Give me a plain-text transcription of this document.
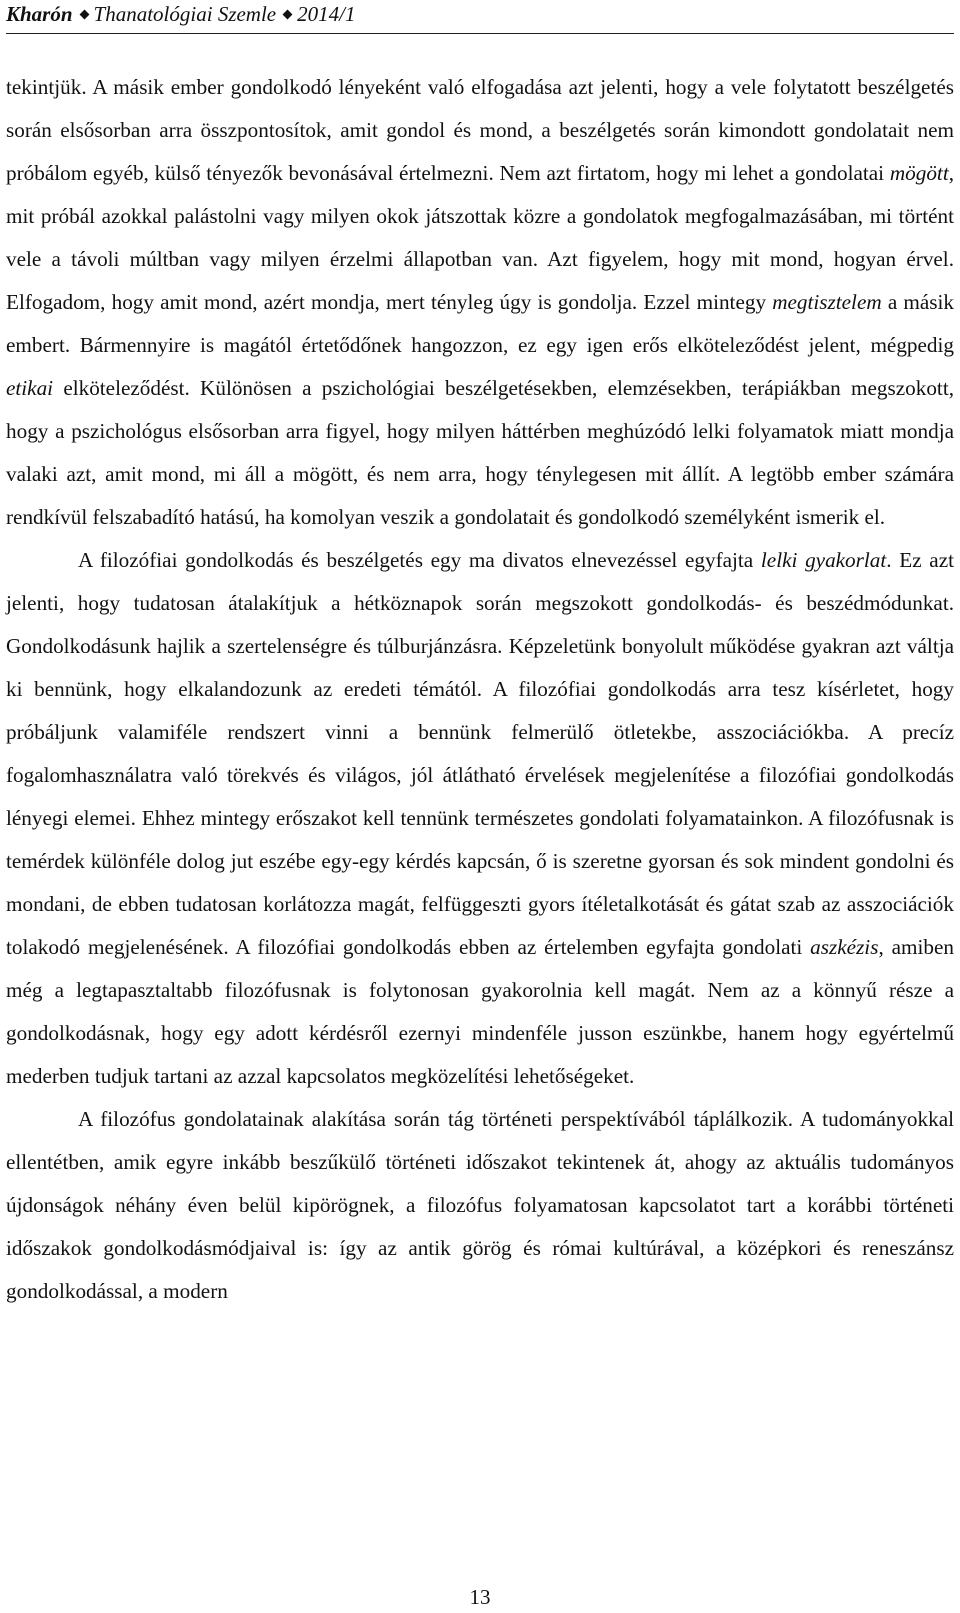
Kharón Thanatológiai Szemle 2014/1

tekintjük. A másik ember gondolkodó lényeként való elfogadása azt jelenti, hogy a vele folytatott beszélgetés során elsősorban arra összpontosítok, amit gondol és mond, a beszélgetés során kimondott gondolatait nem próbálom egyéb, külső tényezők bevonásával értelmezni. Nem azt firtatom, hogy mi lehet a gondolatai mögött, mit próbál azokkal palástolni vagy milyen okok játszottak közre a gondolatok megfogalmazásában, mi történt vele a távoli múltban vagy milyen érzelmi állapotban van. Azt figyelem, hogy mit mond, hogyan érvel. Elfogadom, hogy amit mond, azért mondja, mert tényleg úgy is gondolja. Ezzel mintegy megtisztelem a másik embert. Bármennyire is magától értetődőnek hangozzon, ez egy igen erős elköteleződést jelent, mégpedig etikai elköteleződést. Különösen a pszichológiai beszélgetésekben, elemzésekben, terápiákban megszokott, hogy a pszichológus elsősorban arra figyel, hogy milyen háttérben meghúzódó lelki folyamatok miatt mondja valaki azt, amit mond, mi áll a mögött, és nem arra, hogy ténylegesen mit állít. A legtöbb ember számára rendkívül felszabadító hatású, ha komolyan veszik a gondolatait és gondolkodó személyként ismerik el.

A filozófiai gondolkodás és beszélgetés egy ma divatos elnevezéssel egyfajta lelki gyakorlat. Ez azt jelenti, hogy tudatosan átalakítjuk a hétköznapok során megszokott gondolkodás- és beszédmódunkat. Gondolkodásunk hajlik a szertelenségre és túlburjánzásra. Képzeletünk bonyolult működése gyakran azt váltja ki bennünk, hogy elkalandozunk az eredeti témától. A filozófiai gondolkodás arra tesz kísérletet, hogy próbáljunk valamiféle rendszert vinni a bennünk felmerülő ötletekbe, asszociációkba. A precíz fogalomhasználatra való törekvés és világos, jól átlátható érvelések megjelenítése a filozófiai gondolkodás lényegi elemei. Ehhez mintegy erőszakot kell tennünk természetes gondolati folyamatainkon. A filozófusnak is temérdek különféle dolog jut eszébe egy-egy kérdés kapcsán, ő is szeretne gyorsan és sok mindent gondolni és mondani, de ebben tudatosan korlátozza magát, felfüggeszti gyors ítéletalkotását és gátat szab az asszociációk tolakodó megjelenésének. A filozófiai gondolkodás ebben az értelemben egyfajta gondolati aszkézis, amiben még a legtapasztaltabb filozófusnak is folytonosan gyakorolnia kell magát. Nem az a könnyű része a gondolkodásnak, hogy egy adott kérdésről ezernyi mindenféle jusson eszünkbe, hanem hogy egyértelmű mederben tudjuk tartani az azzal kapcsolatos megközelítési lehetőségeket.

A filozófus gondolatainak alakítása során tág történeti perspektívából táplálkozik. A tudományokkal ellentétben, amik egyre inkább beszűkülő történeti időszakot tekintenek át, ahogy az aktuális tudományos újdonságok néhány éven belül kipörögnek, a filozófus folyamatosan kapcsolatot tart a korábbi történeti időszakok gondolkodásmódjaival is: így az antik görög és római kultúrával, a középkori és reneszánsz gondolkodással, a modern

13
